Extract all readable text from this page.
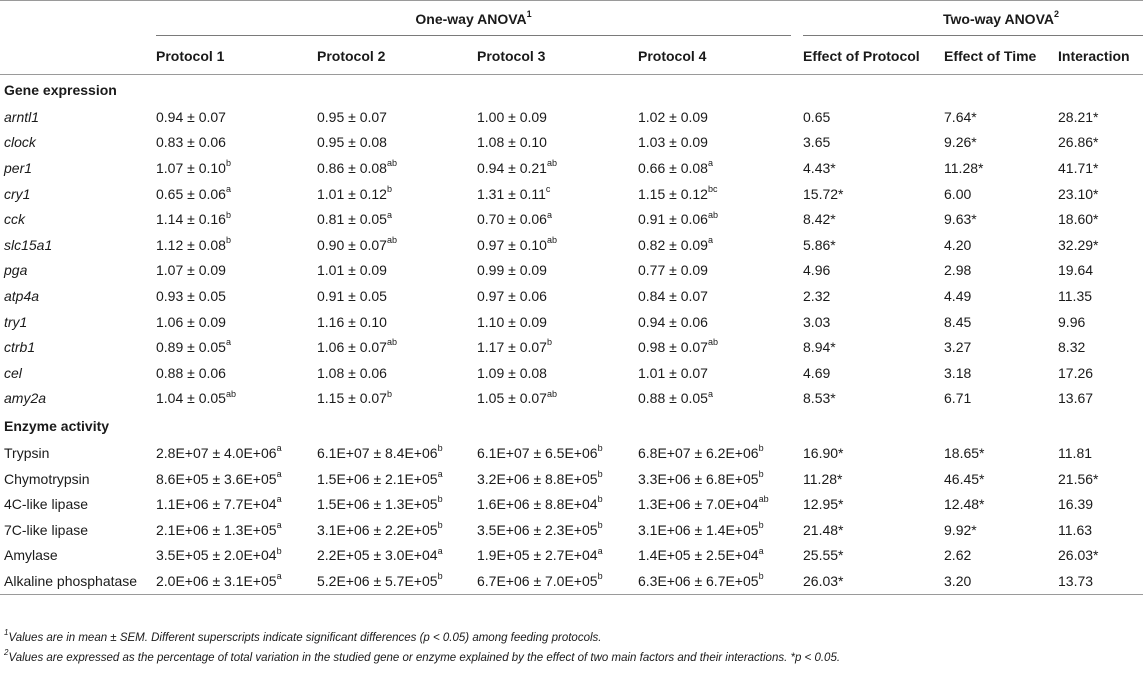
	One-way ANOVA$^1$				Two-way ANOVA$^2$

	Protocol 1	Protocol 2	Protocol 3	Protocol 4	Effect of Protocol	Effect of Time	Interaction
Gene expression							
arntl1	0.94 ± 0.07	0.95 ± 0.07	1.00 ± 0.09	1.02 ± 0.09	0.65	7.64*	28.21*
clock	0.83 ± 0.06	0.95 ± 0.08	1.08 ± 0.10	1.03 ± 0.09	3.65	9.26*	26.86*
per1	1.07 ± 0.10$^b$	0.86 ± 0.08$^{ab}$	0.94 ± 0.21$^{ab}$	0.66 ± 0.08$^a$	4.43*	11.28*	41.71*
cry1	0.65 ± 0.06$^a$	1.01 ± 0.12$^b$	1.31 ± 0.11$^c$	1.15 ± 0.12$^{bc}$	15.72*	6.00	23.10*
cck	1.14 ± 0.16$^b$	0.81 ± 0.05$^a$	0.70 ± 0.06$^a$	0.91 ± 0.06$^{ab}$	8.42*	9.63*	18.60*
slc15a1	1.12 ± 0.08$^b$	0.90 ± 0.07$^{ab}$	0.97 ± 0.10$^{ab}$	0.82 ± 0.09$^a$	5.86*	4.20	32.29*
pga	1.07 ± 0.09	1.01 ± 0.09	0.99 ± 0.09	0.77 ± 0.09	4.96	2.98	19.64
atp4a	0.93 ± 0.05	0.91 ± 0.05	0.97 ± 0.06	0.84 ± 0.07	2.32	4.49	11.35
try1	1.06 ± 0.09	1.16 ± 0.10	1.10 ± 0.09	0.94 ± 0.06	3.03	8.45	9.96
ctrb1	0.89 ± 0.05$^a$	1.06 ± 0.07$^{ab}$	1.17 ± 0.07$^b$	0.98 ± 0.07$^{ab}$	8.94*	3.27	8.32
cel	0.88 ± 0.06	1.08 ± 0.06	1.09 ± 0.08	1.01 ± 0.07	4.69	3.18	17.26
amy2a	1.04 ± 0.05$^{ab}$	1.15 ± 0.07$^b$	1.05 ± 0.07$^{ab}$	0.88 ± 0.05$^a$	8.53*	6.71	13.67
Enzyme activity							
Trypsin	$2.8E+07 \pm 4.0E+06^a$	$6.1E+07 \pm 8.4E+06^b$	$6.1E+07 \pm 6.5E+06^b$	$6.8E+07 \pm 6.2E+06^b$	16.90*	18.65*	11.81
Chymotrypsin	$8.6E+05 \pm 3.6E+05^a$	$1.5E+06 \pm 2.1E+05^a$	$3.2E+06 \pm 8.8E+05^b$	$3.3E+06 \pm 6.8E+05^b$	11.28*	46.45*	21.56*
4C-like lipase	$1.1E+06 \pm 7.7E+04^a$	$1.5E+06 \pm 1.3E+05^b$	$1.6E+06 \pm 8.8E+04^b$	$1.3E+06 \pm 7.0E+04^{ab}$	12.95*	12.48*	16.39
7C-like lipase	$2.1E+06 \pm 1.3E+05^a$	$3.1E+06 \pm 2.2E+05^b$	$3.5E+06 \pm 2.3E+05^b$	$3.1E+06 \pm 1.4E+05^b$	21.48*	9.92*	11.63
Amylase	$3.5E+05 \pm 2.0E+04^b$	$2.2E+05 \pm 3.0E+04^a$	$1.9E+05 \pm 2.7E+04^a$	$1.4E+05 \pm 2.5E+04^a$	25.55*	2.62	26.03*
Alkaline phosphatase	$2.0E+06 \pm 3.1E+05^a$	$5.2E+06 \pm 5.7E+05^b$	$6.7E+06 \pm 7.0E+05^b$	$6.3E+06 \pm 6.7E+05^b$	26.03*	3.20	13.73
$^1$Values are in mean ± SEM. Different superscripts indicate significant differences (p < 0.05) among feeding protocols.
$^2$Values are expressed as the percentage of total variation in the studied gene or enzyme explained by the effect of two main factors and their interactions. *p < 0.05.
